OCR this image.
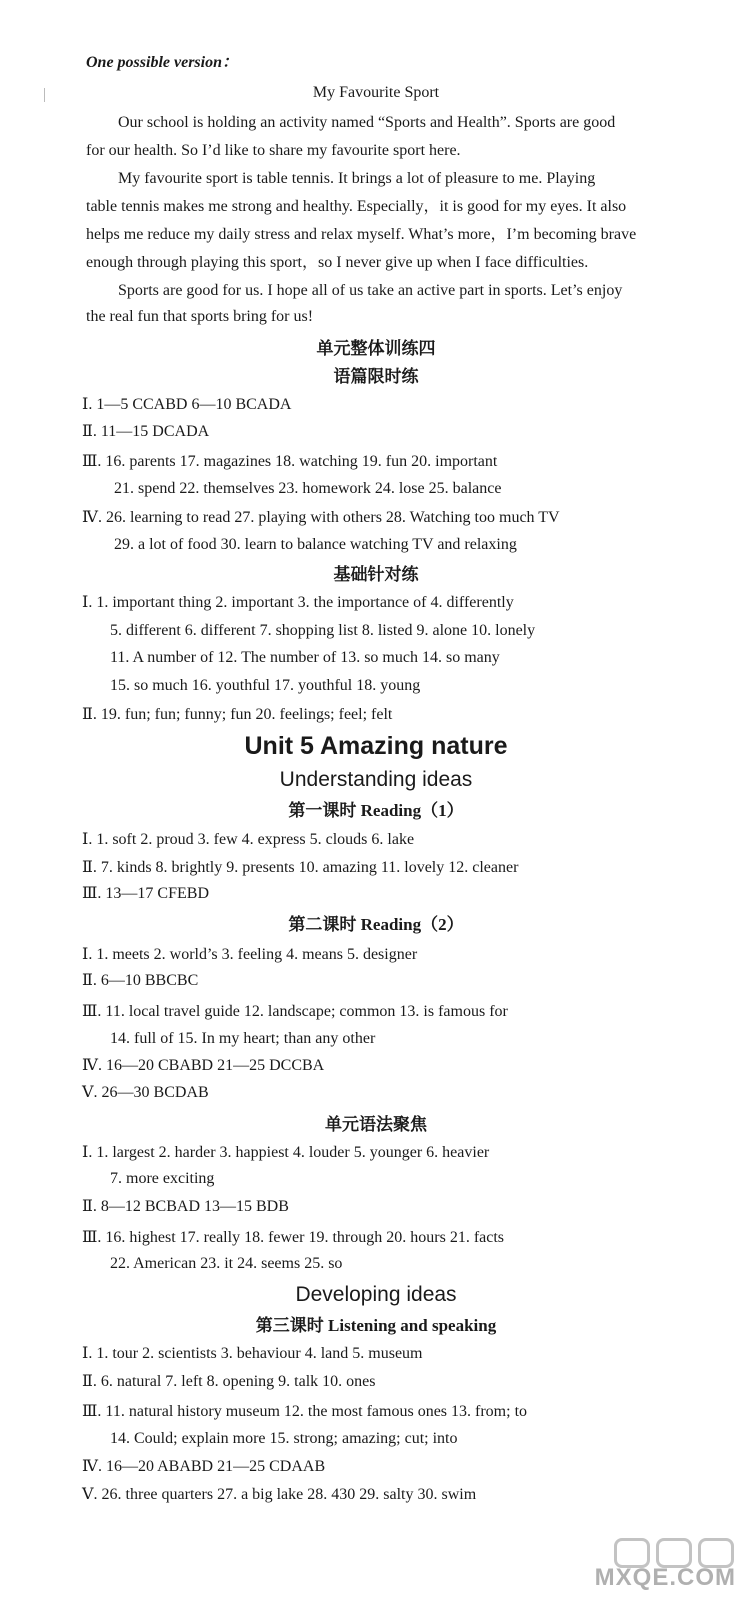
One possible version：
My Favourite Sport
Our school is holding an activity named “Sports and Health”. Sports are good
for our health. So I’d like to share my favourite sport here.
My favourite sport is table tennis. It brings a lot of pleasure to me. Playing
table tennis makes me strong and healthy. Especially，it is good for my eyes. It also
helps me reduce my daily stress and relax myself. What’s more，I’m becoming brave
enough through playing this sport，so I never give up when I face difficulties.
Sports are good for us. I hope all of us take an active part in sports. Let’s enjoy
the real fun that sports bring for us!
单元整体训练四
语篇限时练
Ⅰ. 1—5 CCABD 6—10 BCADA
Ⅱ. 11—15 DCADA
Ⅲ. 16. parents 17. magazines 18. watching 19. fun 20. important
21. spend 22. themselves 23. homework 24. lose 25. balance
Ⅳ. 26. learning to read 27. playing with others 28. Watching too much TV
29. a lot of food 30. learn to balance watching TV and relaxing
基础针对练
Ⅰ. 1. important thing 2. important 3. the importance of 4. differently
5. different 6. different 7. shopping list 8. listed 9. alone 10. lonely
11. A number of 12. The number of 13. so much 14. so many
15. so much 16. youthful 17. youthful 18. young
Ⅱ. 19. fun; fun; funny; fun 20. feelings; feel; felt
Unit 5 Amazing nature
Understanding ideas
第一课时 Reading（1）
Ⅰ. 1. soft 2. proud 3. few 4. express 5. clouds 6. lake
Ⅱ. 7. kinds 8. brightly 9. presents 10. amazing 11. lovely 12. cleaner
Ⅲ. 13—17 CFEBD
第二课时 Reading（2）
Ⅰ. 1. meets 2. world’s 3. feeling 4. means 5. designer
Ⅱ. 6—10 BBCBC
Ⅲ. 11. local travel guide 12. landscape; common 13. is famous for
14. full of 15. In my heart; than any other
Ⅳ. 16—20 CBABD 21—25 DCCBA
Ⅴ. 26—30 BCDAB
单元语法聚焦
Ⅰ. 1. largest 2. harder 3. happiest 4. louder 5. younger 6. heavier
7. more exciting
Ⅱ. 8—12 BCBAD 13—15 BDB
Ⅲ. 16. highest 17. really 18. fewer 19. through 20. hours 21. facts
22. American 23. it 24. seems 25. so
Developing ideas
第三课时 Listening and speaking
Ⅰ. 1. tour 2. scientists 3. behaviour 4. land 5. museum
Ⅱ. 6. natural 7. left 8. opening 9. talk 10. ones
Ⅲ. 11. natural history museum 12. the most famous ones 13. from; to
14. Could; explain more 15. strong; amazing; cut; into
Ⅳ. 16—20 ABABD 21—25 CDAAB
Ⅴ. 26. three quarters 27. a big lake 28. 430 29. salty 30. swim
MXQE.COM
